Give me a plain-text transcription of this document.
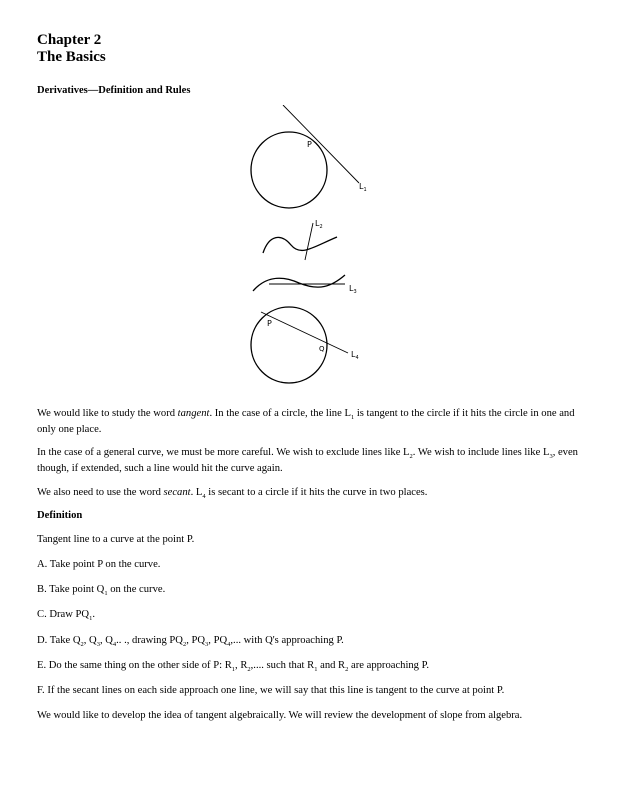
Chapter 2
The Basics
Derivatives—Definition and Rules
P
$L_1$
$L_2$
$L_3$
P
Q
$L_4$

We would like to study the word tangent. In the case of a circle, the line $L_1$ is tangent to the circle if it hits the circle in one and only one place.

In the case of a general curve, we must be more careful. We wish to exclude lines like $L_2$. We wish to include lines like $L_3$, even though, if extended, such a line would hit the curve again.

We also need to use the word secant. $L_4$ is secant to a circle if it hits the curve in two places.

Definition

Tangent line to a curve at the point P.

A. Take point P on the curve.

B. Take point $Q_1$ on the curve.

C. Draw $PQ_1$.

D. Take $Q_2$, $Q_3$, $Q_4$.. ., drawing $PQ_2$, $PQ_3$, $PQ_4$,... with Q's approaching P.

E. Do the same thing on the other side of P: $R_1$, $R_2$,.... such that $R_1$ and $R_2$ are approaching P.

F. If the secant lines on each side approach one line, we will say that this line is tangent to the curve at point P.

We would like to develop the idea of tangent algebraically. We will review the development of slope from algebra.
